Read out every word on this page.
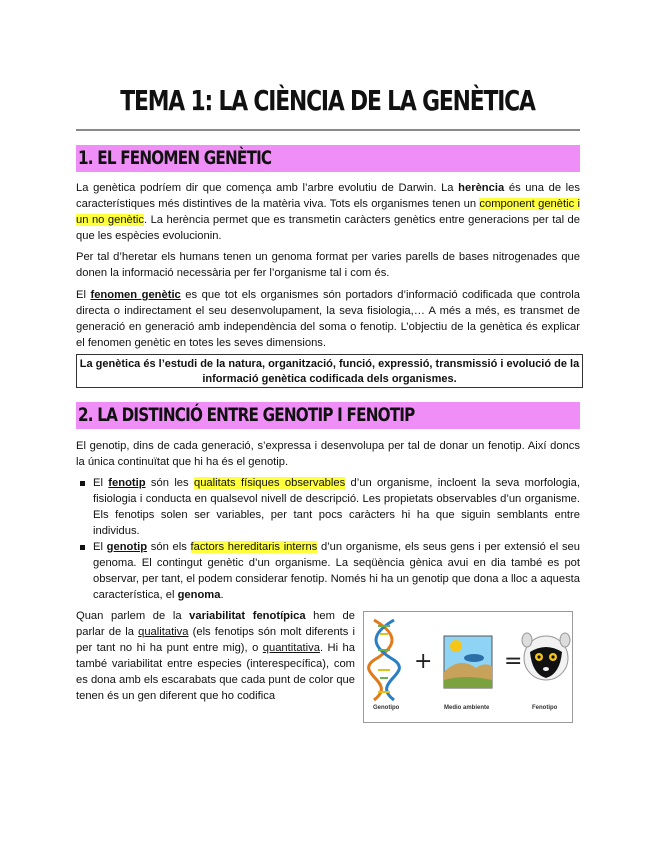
TEMA 1: LA CIÈNCIA DE LA GENÈTICA
1. EL FENOMEN GENÈTIC
La genètica podríem dir que comença amb l’arbre evolutiu de Darwin. La herència és una de les característiques més distintives de la matèria viva. Tots els organismes tenen un component genètic i un no genètic. La herència permet que es transmetin caràcters genètics entre generacions per tal de que les espècies evolucionin.
Per tal d’heretar els humans tenen un genoma format per varies parells de bases nitrogenades que donen la informació necessària per fer l’organisme tal i com és.
El fenomen genètic es que tot els organismes són portadors d’informació codificada que controla directa o indirectament el seu desenvolupament, la seva fisiologia,… A més a més, es transmet de generació en generació amb independència del soma o fenotip. L’objectiu de la genètica és explicar el fenomen genètic en totes les seves dimensions.
La genètica és l’estudi de la natura, organització, funció, expressió, transmissió i evolució de la informació genètica codificada dels organismes.
2. LA DISTINCIÓ ENTRE GENOTIP I FENOTIP
El genotip, dins de cada generació, s’expressa i desenvolupa per tal de donar un fenotip. Així doncs la única continuïtat que hi ha és el genotip.
El fenotip són les qualitats físiques observables d’un organisme, incloent la seva morfologia, fisiologia i conducta en qualsevol nivell de descripció. Les propietats observables d’un organisme. Els fenotips solen ser variables, per tant pocs caràcters hi ha que siguin semblants entre individus.
El genotip són els factors hereditaris interns d’un organisme, els seus gens i per extensió el seu genoma. El contingut genètic d’un organisme. La seqüència gènica avui en dia també es pot observar, per tant, el podem considerar fenotip. Només hi ha un genotip que dona a lloc a aquesta característica, el genoma.
Quan parlem de la variabilitat fenotípica hem de parlar de la qualitativa (els fenotips són molt diferents i per tant no hi ha punt entre mig), o quantitativa. Hi ha també variabilitat entre especies (interespecífica), com es dona amb els escarabats que cada punt de color que tenen és un gen diferent que ho codifica
+	=
Genotipo	Medio ambiente	Fenotipo
